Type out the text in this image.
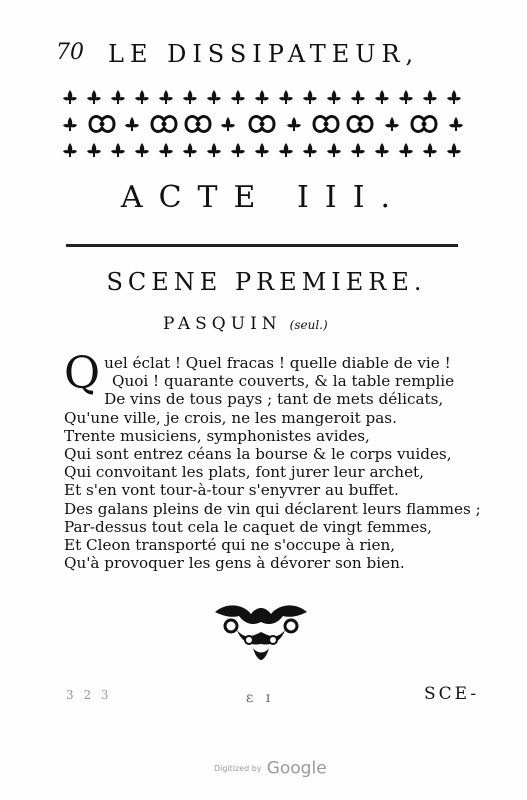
70 LE DISSIPATEUR,
ACTE III.
SCENE PREMIERE.
PASQUIN (seul.)
Q uel éclat ! Quel fracas ! quelle diable de vie !
Quoi ! quarante couverts, & la table remplie
De vins de tous pays ; tant de mets délicats,
Qu'une ville, je crois, ne les mangeroit pas.
Trente musiciens, symphonistes avides,
Qui sont entrez céans la bourse & le corps vuides,
Qui convoitant les plats, font jurer leur archet,
Et s'en vont tour-à-tour s'enyvrer au buffet.
Des galans pleins de vin qui déclarent leurs flammes ;
Par-dessus tout cela le caquet de vingt femmes,
Et Cleon transporté qui ne s'occupe à rien,
Qu'à provoquer les gens à dévorer son bien.
3 2 3	ε ɪ	SCE-
Digitized by Google
